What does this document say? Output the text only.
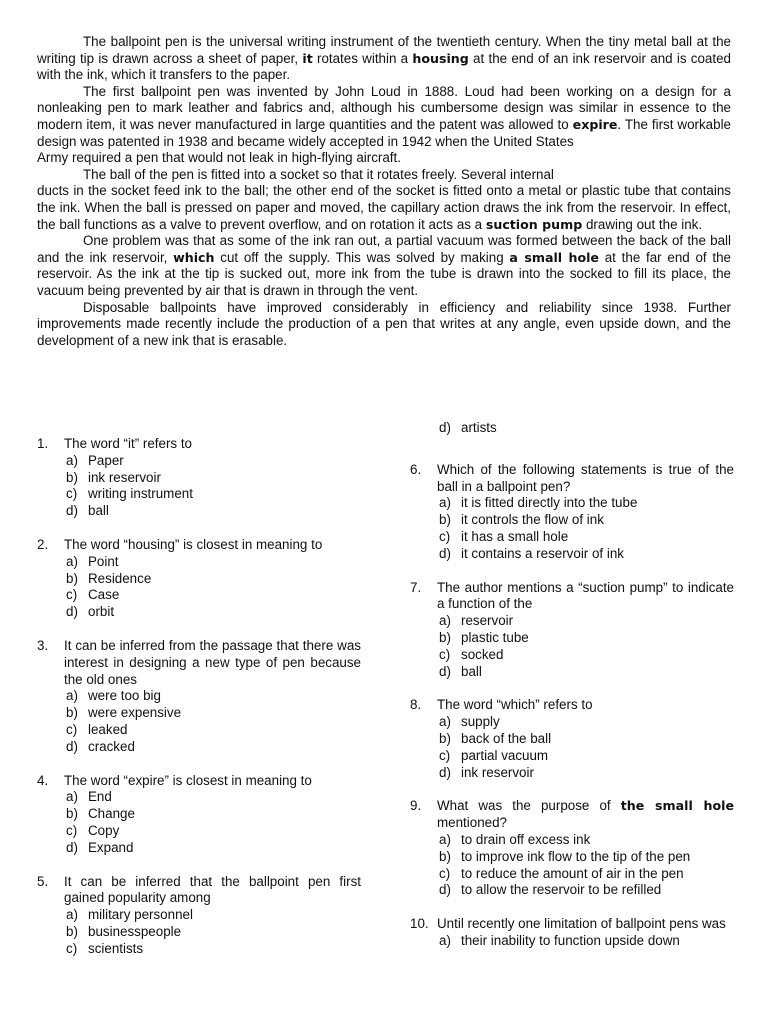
The ballpoint pen is the universal writing instrument of the twentieth century. When the tiny metal ball at the writing tip is drawn across a sheet of paper, it rotates within a housing at the end of an ink reservoir and is coated with the ink, which it transfers to the paper.

The first ballpoint pen was invented by John Loud in 1888. Loud had been working on a design for a nonleaking pen to mark leather and fabrics and, although his cumbersome design was similar in essence to the modern item, it was never manufactured in large quantities and the patent was allowed to expire. The first workable design was patented in 1938 and became widely accepted in 1942 when the United States

Army required a pen that would not leak in high-flying aircraft.

The ball of the pen is fitted into a socket so that it rotates freely. Several internal

ducts in the socket feed ink to the ball; the other end of the socket is fitted onto a metal or plastic tube that contains the ink. When the ball is pressed on paper and moved, the capillary action draws the ink from the reservoir. In effect, the ball functions as a valve to prevent overflow, and on rotation it acts as a suction pump drawing out the ink.

One problem was that as some of the ink ran out, a partial vacuum was formed between the back of the ball and the ink reservoir, which cut off the supply. This was solved by making a small hole at the far end of the reservoir. As the ink at the tip is sucked out, more ink from the tube is drawn into the socked to fill its place, the vacuum being prevented by air that is drawn in through the vent.

Disposable ballpoints have improved considerably in efficiency and reliability since 1938. Further improvements made recently include the production of a pen that writes at any angle, even upside down, and the development of a new ink that is erasable.

1. The word “it” refers to
a) Paper
b) ink reservoir
c) writing instrument
d) ball
2. The word “housing” is closest in meaning to
a) Point
b) Residence
c) Case
d) orbit
3. It can be inferred from the passage that there was interest in designing a new type of pen because the old ones
a) were too big
b) were expensive
c) leaked
d) cracked
4. The word “expire” is closest in meaning to
a) End
b) Change
c) Copy
d) Expand
5. It can be inferred that the ballpoint pen first gained popularity among
a) military personnel
b) businesspeople
c) scientists
d) artists
6. Which of the following statements is true of the ball in a ballpoint pen?
a) it is fitted directly into the tube
b) it controls the flow of ink
c) it has a small hole
d) it contains a reservoir of ink
7. The author mentions a “suction pump” to indicate a function of the
a) reservoir
b) plastic tube
c) socked
d) ball
8. The word “which” refers to
a) supply
b) back of the ball
c) partial vacuum
d) ink reservoir
9. What was the purpose of the small hole mentioned?
a) to drain off excess ink
b) to improve ink flow to the tip of the pen
c) to reduce the amount of air in the pen
d) to allow the reservoir to be refilled
10. Until recently one limitation of ballpoint pens was
a) their inability to function upside down
